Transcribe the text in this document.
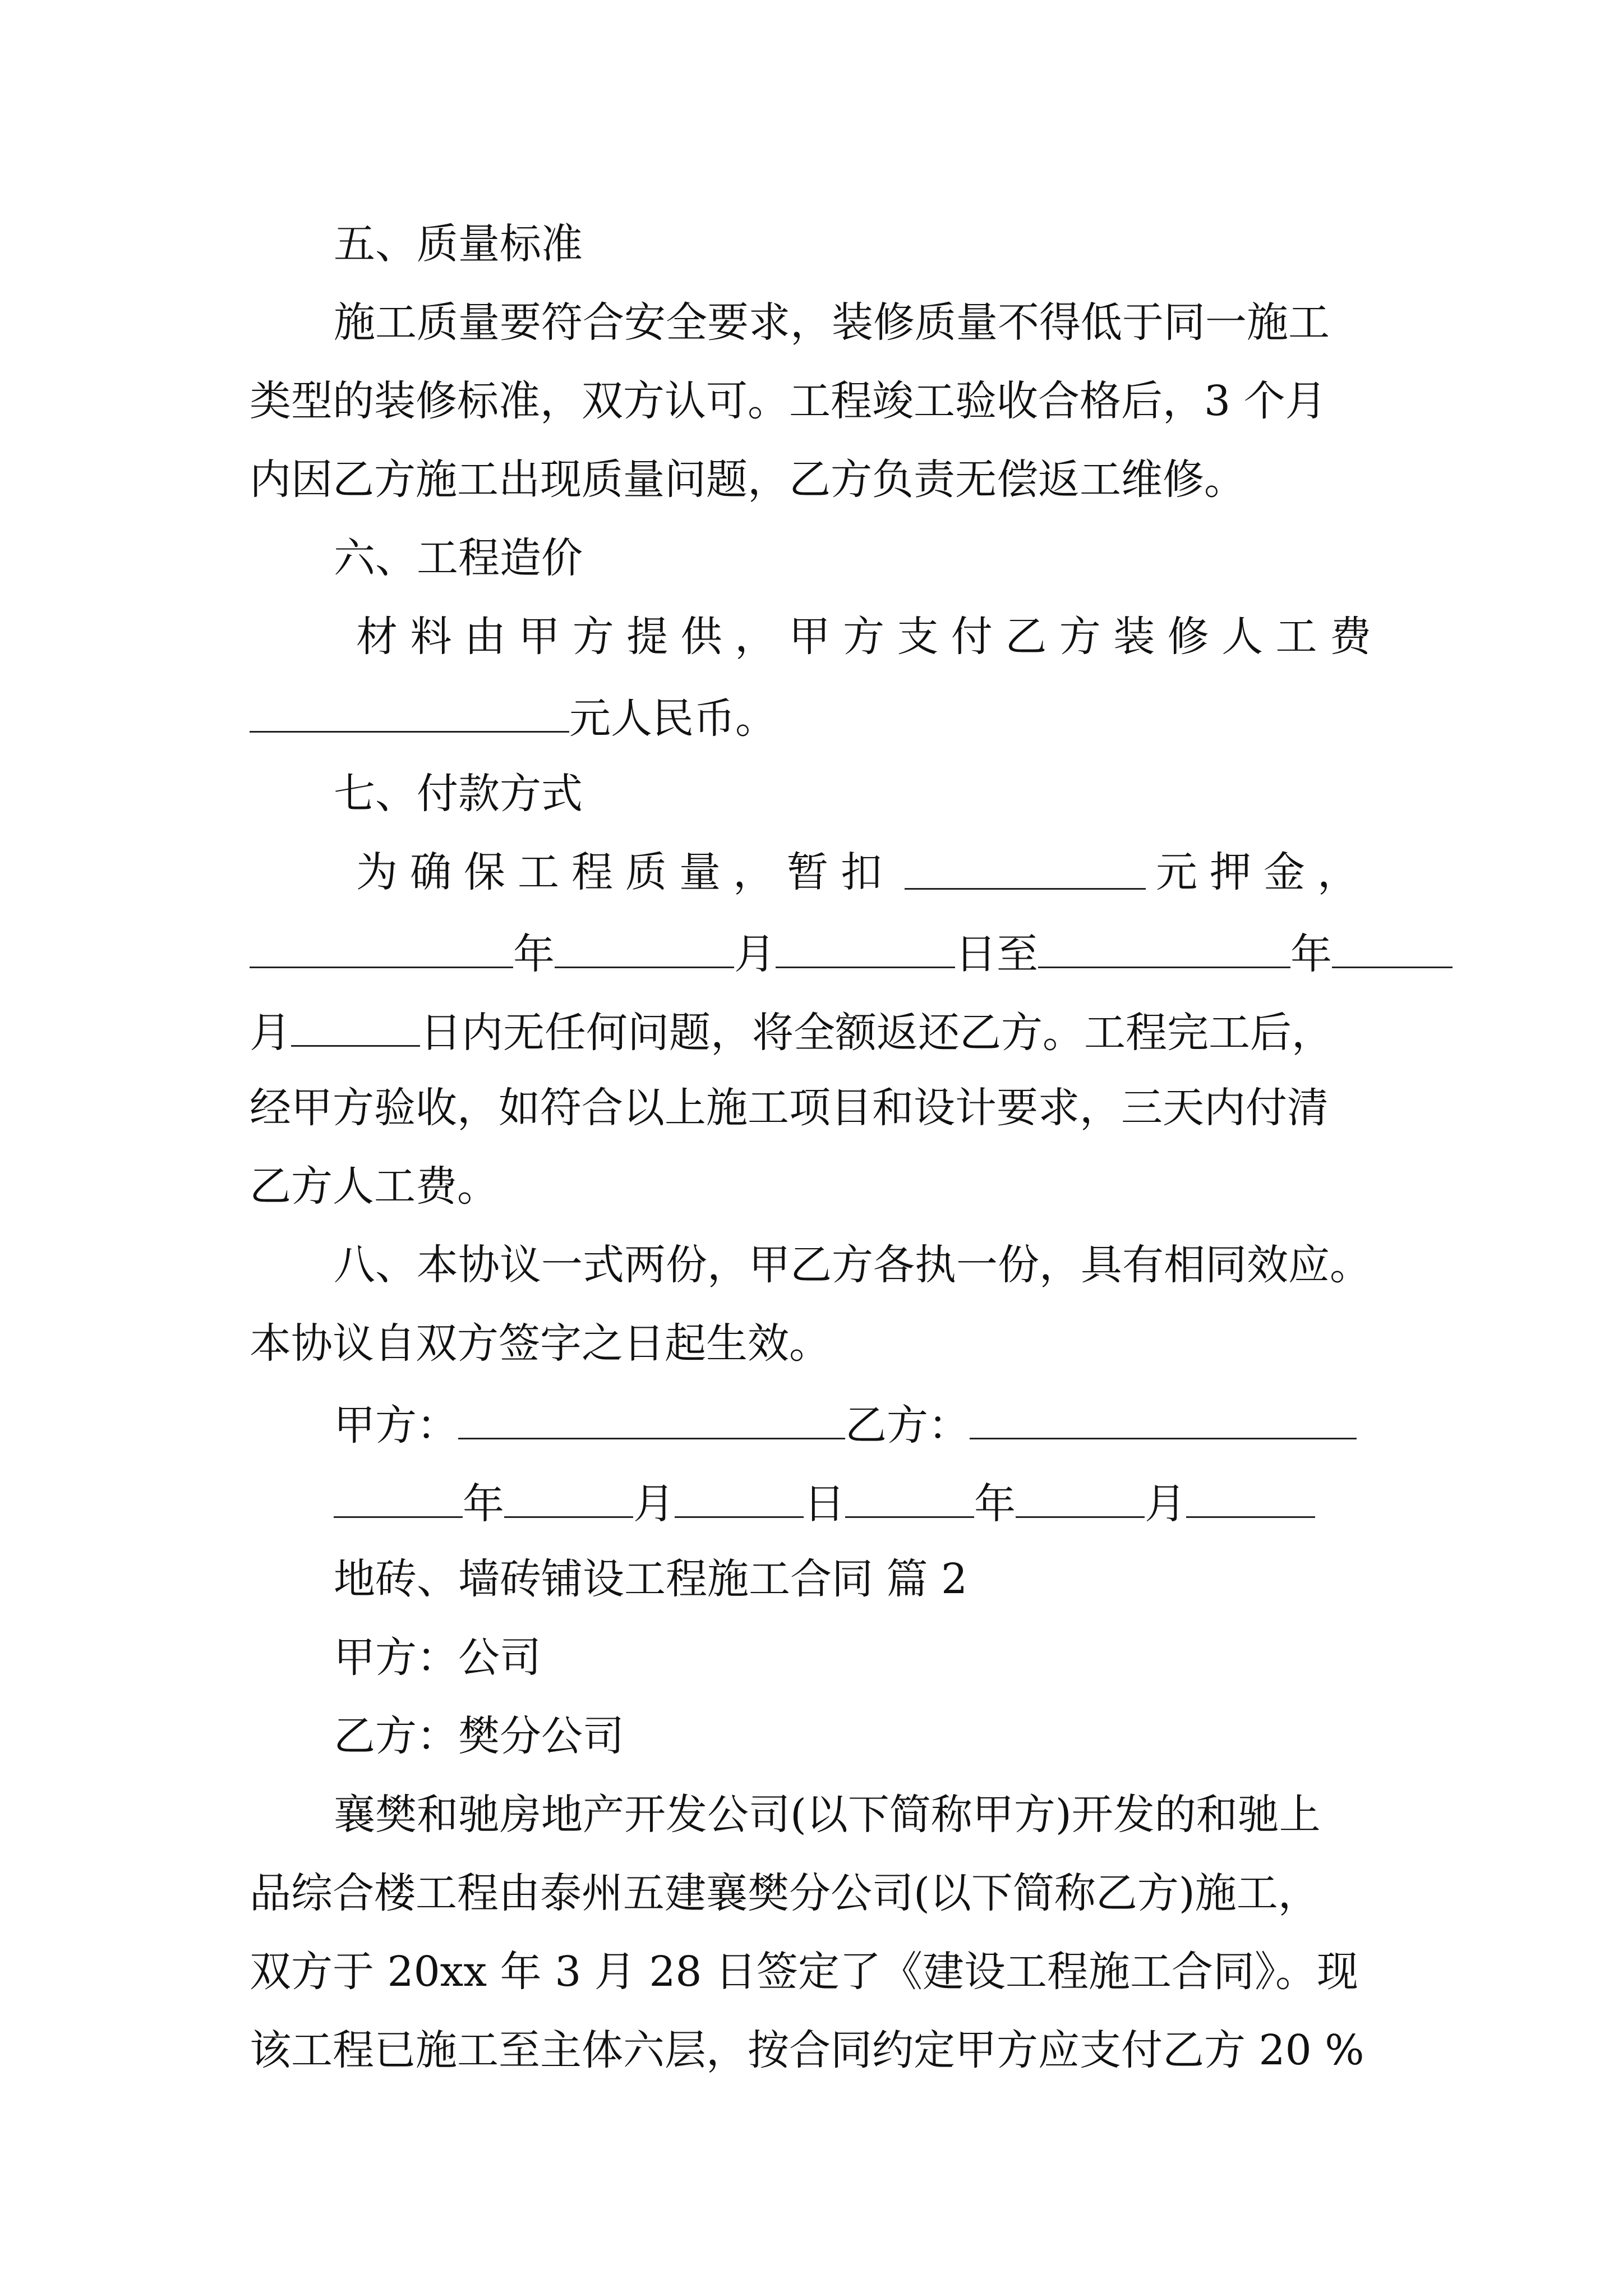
五、质量标准

施工质量要符合安全要求，装修质量不得低于同一施工

类型的装修标准，双方认可。工程竣工验收合格后，3 个月

内因乙方施工出现质量问题，乙方负责无偿返工维修。

六、工程造价

材料由甲方提供，甲方支付乙方装修人工费

元人民币。

七、付款方式

为确保工程质量，暂扣	元押金，

年	月	日至	年

月	日内无任何问题，将全额返还乙方。工程完工后，

经甲方验收，如符合以上施工项目和设计要求，三天内付清

乙方人工费。

八、本协议一式两份，甲乙方各执一份，具有相同效应。

本协议自双方签字之日起生效。

甲方：	乙方：

年	月	日	年	月

地砖、墙砖铺设工程施工合同 篇 2

甲方：公司

乙方：樊分公司

襄樊和驰房地产开发公司(以下简称甲方)开发的和驰上

品综合楼工程由泰州五建襄樊分公司(以下简称乙方)施工，

双方于 20xx 年 3 月 28 日签定了《建设工程施工合同》。现

该工程已施工至主体六层，按合同约定甲方应支付乙方 20 %
